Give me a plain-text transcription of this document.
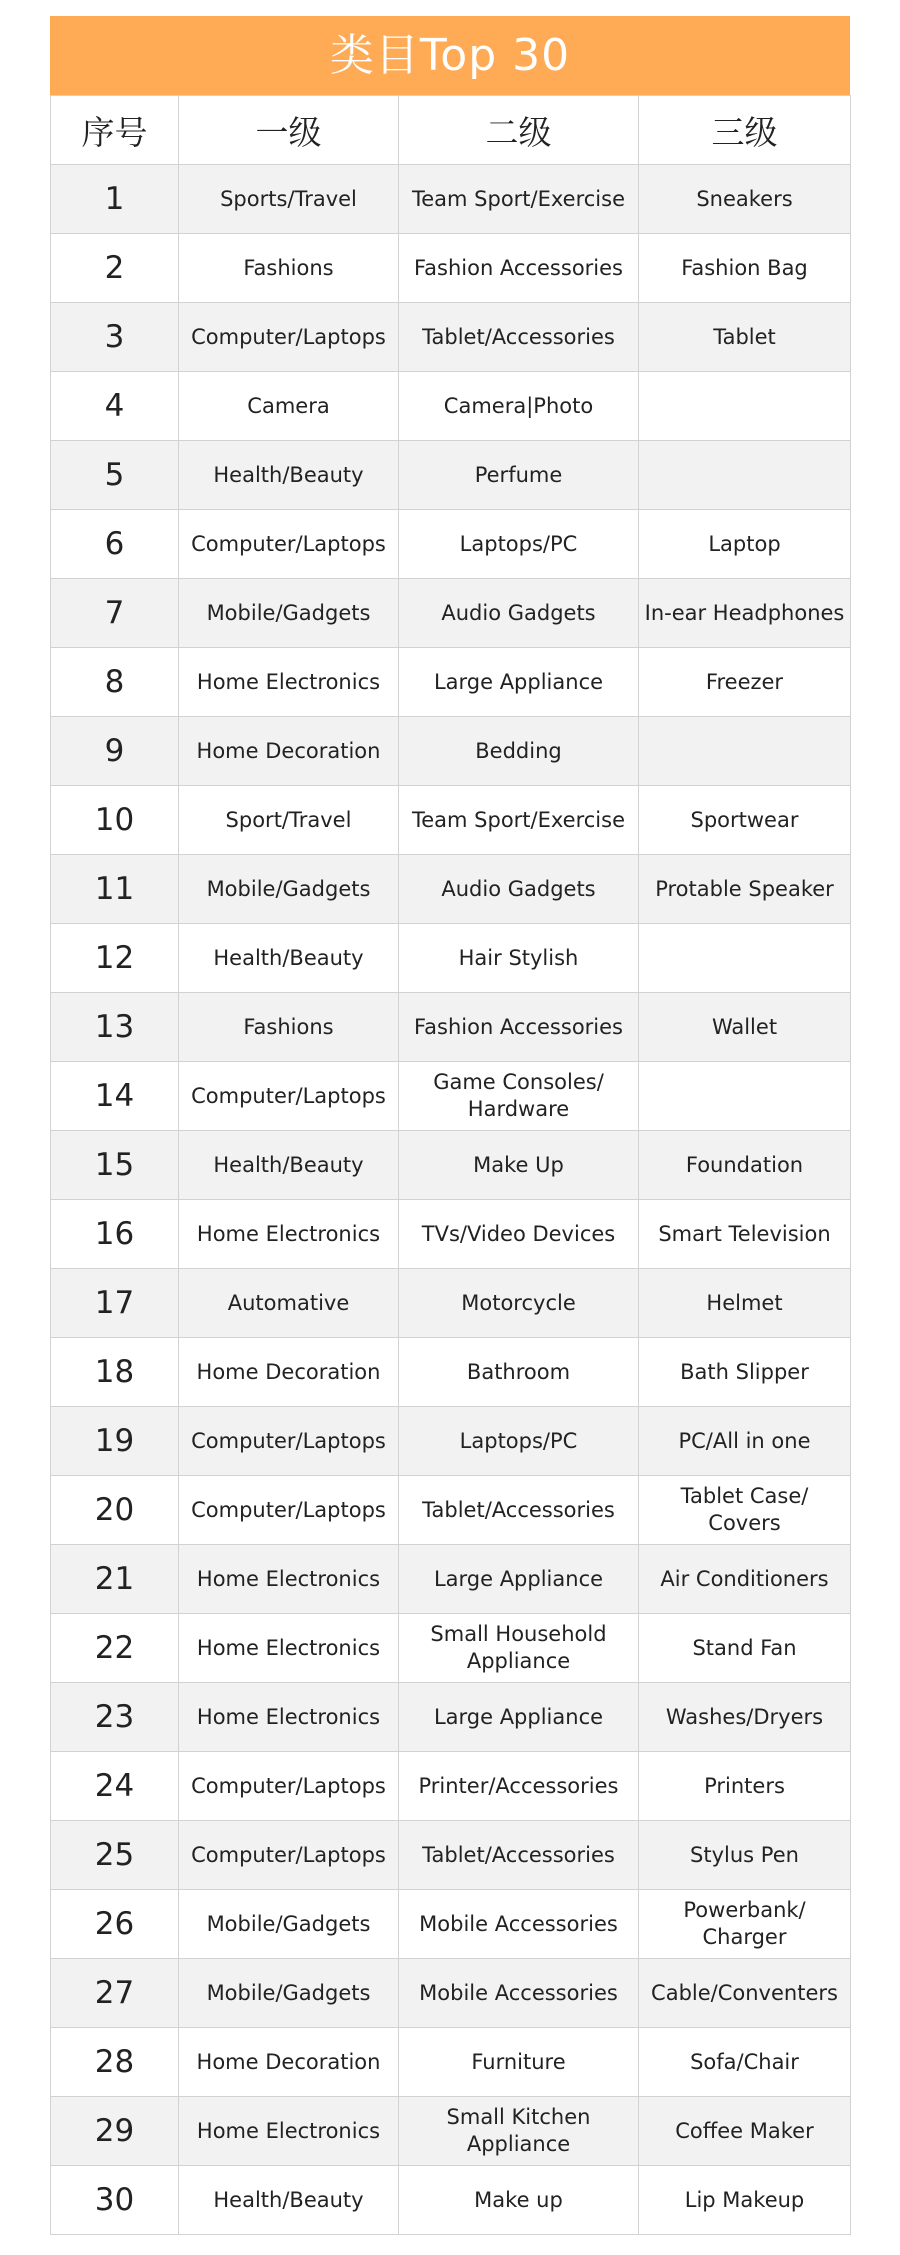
类目Top 30
序号	一级	二级	三级
1	Sports/Travel	Team Sport/Exercise	Sneakers
2	Fashions	Fashion Accessories	Fashion Bag
3	Computer/Laptops	Tablet/Accessories	Tablet
4	Camera	Camera|Photo	
5	Health/Beauty	Perfume	
6	Computer/Laptops	Laptops/PC	Laptop
7	Mobile/Gadgets	Audio Gadgets	In-ear Headphones
8	Home Electronics	Large Appliance	Freezer
9	Home Decoration	Bedding	
10	Sport/Travel	Team Sport/Exercise	Sportwear
11	Mobile/Gadgets	Audio Gadgets	Protable Speaker
12	Health/Beauty	Hair Stylish	
13	Fashions	Fashion Accessories	Wallet
14	Computer/Laptops	Game Consoles/ Hardware	
15	Health/Beauty	Make Up	Foundation
16	Home Electronics	TVs/Video Devices	Smart Television
17	Automative	Motorcycle	Helmet
18	Home Decoration	Bathroom	Bath Slipper
19	Computer/Laptops	Laptops/PC	PC/All in one
20	Computer/Laptops	Tablet/Accessories	Tablet Case/ Covers
21	Home Electronics	Large Appliance	Air Conditioners
22	Home Electronics	Small Household Appliance	Stand Fan
23	Home Electronics	Large Appliance	Washes/Dryers
24	Computer/Laptops	Printer/Accessories	Printers
25	Computer/Laptops	Tablet/Accessories	Stylus Pen
26	Mobile/Gadgets	Mobile Accessories	Powerbank/ Charger
27	Mobile/Gadgets	Mobile Accessories	Cable/Conventers
28	Home Decoration	Furniture	Sofa/Chair
29	Home Electronics	Small Kitchen Appliance	Coffee Maker
30	Health/Beauty	Make up	Lip Makeup
